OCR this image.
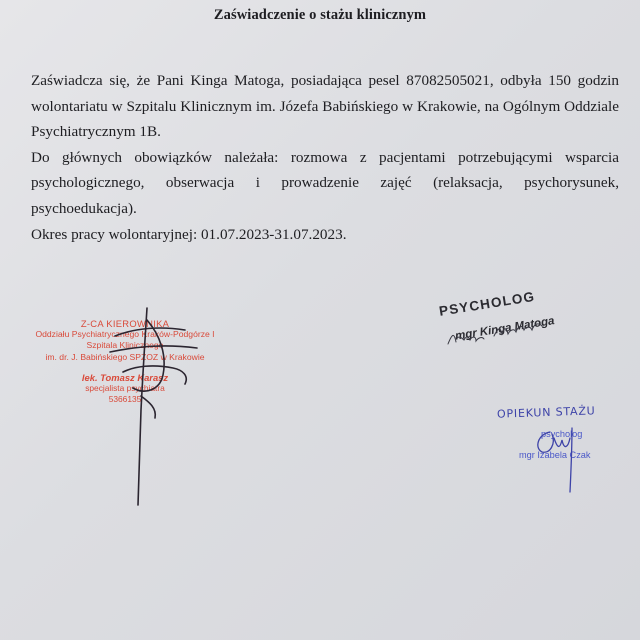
Zaświadczenie o stażu klinicznym

Zaświadcza się, że Pani Kinga Matoga, posiadająca pesel 87082505021, odbyła 150 godzin wolontariatu w Szpitalu Klinicznym im. Józefa Babińskiego w Krakowie, na Ogólnym Oddziale Psychiatrycznym 1B.

Do głównych obowiązków należała: rozmowa z pacjentami potrzebującymi wsparcia psychologicznego, obserwacja i prowadzenie zajęć (relaksacja, psychorysunek, psychoedukacja).

Okres pracy wolontaryjnej: 01.07.2023-31.07.2023.

Z-CA KIEROWNIKA
Oddziału Psychiatrycznego Kraków-Podgórze I
Szpitala Klinicznego
im. dr. J. Babińskiego SPZOZ w Krakowie
lek. Tomasz Karasz
specjalista psychiatra
5366135
PSYCHOLOG
mgr Kinga Matoga
OPIEKUN STAŻU
psycholog
mgr Izabela Czak
